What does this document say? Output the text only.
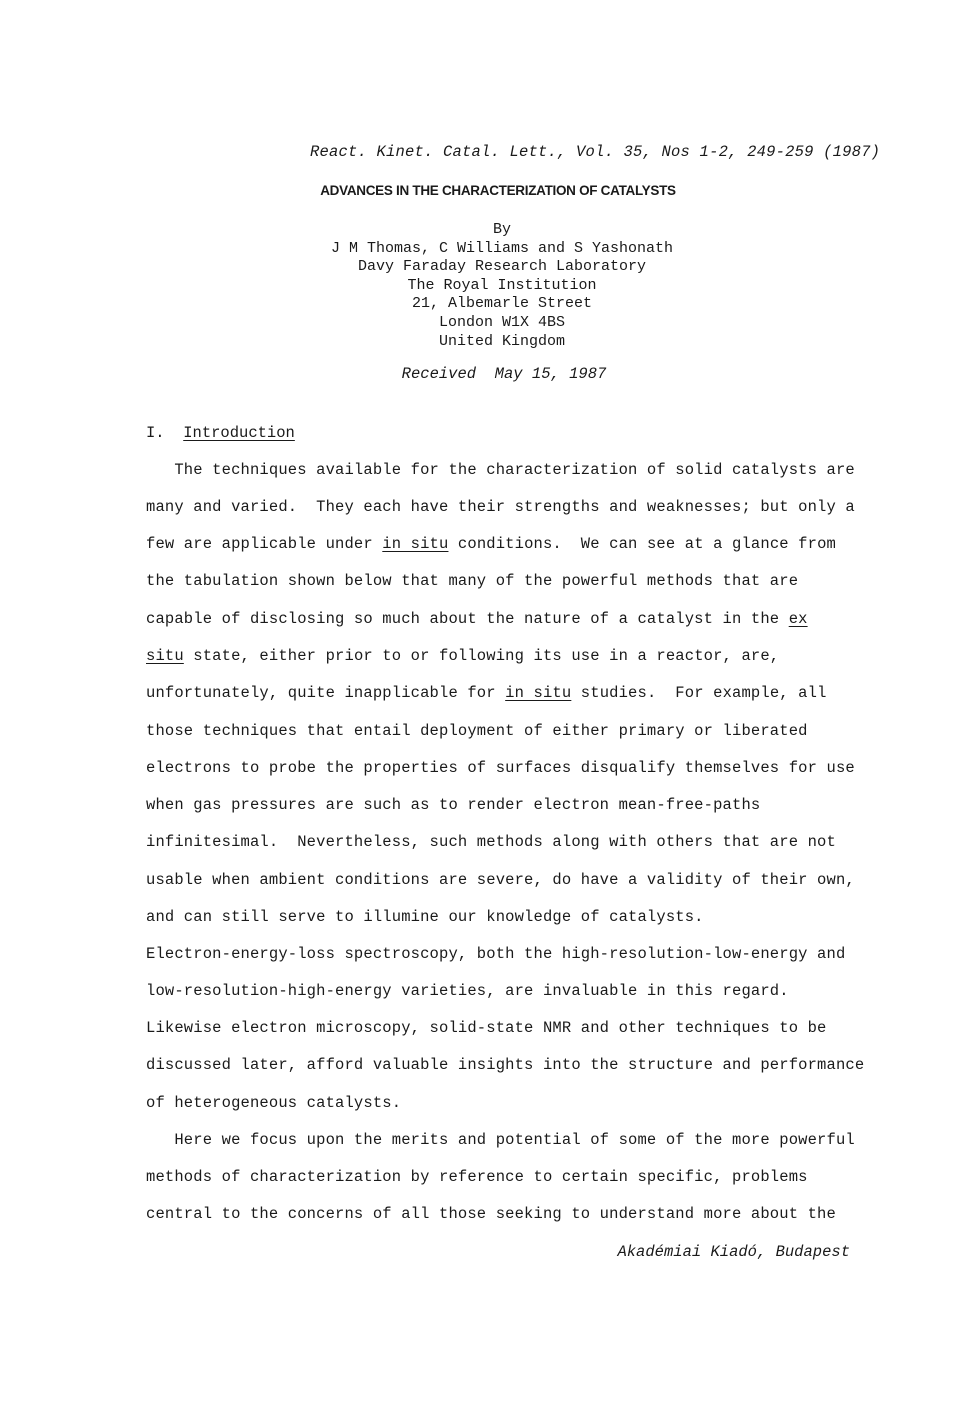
React. Kinet. Catal. Lett., Vol. 35, Nos 1-2, 249-259 (1987)
ADVANCES IN THE CHARACTERIZATION OF CATALYSTS
By
J M Thomas, C Williams and S Yashonath
Davy Faraday Research Laboratory
The Royal Institution
21, Albemarle Street
London W1X 4BS
United Kingdom
Received  May 15, 1987
I. Introduction
The techniques available for the characterization of solid catalysts are
many and varied.  They each have their strengths and weaknesses; but only a
few are applicable under in situ conditions.  We can see at a glance from
the tabulation shown below that many of the powerful methods that are
capable of disclosing so much about the nature of a catalyst in the ex
situ state, either prior to or following its use in a reactor, are,
unfortunately, quite inapplicable for in situ studies.  For example, all
those techniques that entail deployment of either primary or liberated
electrons to probe the properties of surfaces disqualify themselves for use
when gas pressures are such as to render electron mean-free-paths
infinitesimal.  Nevertheless, such methods along with others that are not
usable when ambient conditions are severe, do have a validity of their own,
and can still serve to illumine our knowledge of catalysts.
Electron-energy-loss spectroscopy, both the high-resolution-low-energy and
low-resolution-high-energy varieties, are invaluable in this regard.
Likewise electron microscopy, solid-state NMR and other techniques to be
discussed later, afford valuable insights into the structure and performance
of heterogeneous catalysts.
Here we focus upon the merits and potential of some of the more powerful
methods of characterization by reference to certain specific, problems
central to the concerns of all those seeking to understand more about the
Akadémiai Kiadó, Budapest
